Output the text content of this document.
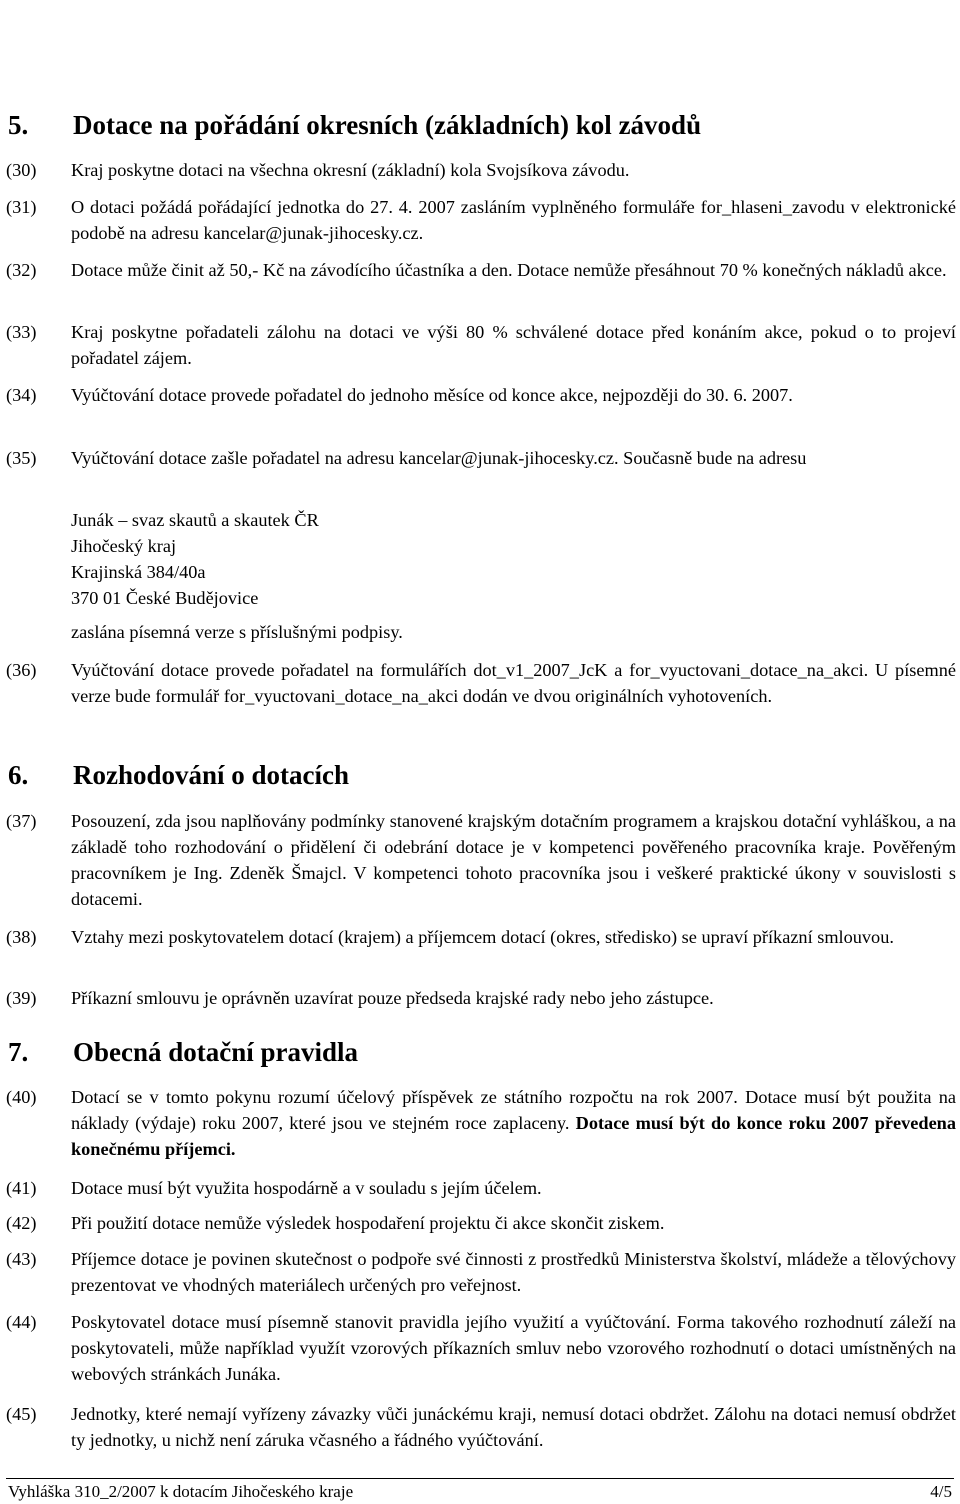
5. Dotace na pořádání okresních (základních) kol závodů
(30) Kraj poskytne dotaci na všechna okresní (základní) kola Svojsíkova závodu.
(31) O dotaci požádá pořádající jednotka do 27. 4. 2007 zasláním vyplněného formuláře for_hlaseni_zavodu v elektronické podobě na adresu kancelar@junak-jihocesky.cz.
(32) Dotace může činit až 50,- Kč na závodícího účastníka a den. Dotace nemůže přesáhnout 70 % konečných nákladů akce.
(33) Kraj poskytne pořadateli zálohu na dotaci ve výši 80 % schválené dotace před konáním akce, pokud o to projeví pořadatel zájem.
(34) Vyúčtování dotace provede pořadatel do jednoho měsíce od konce akce, nejpozději do 30. 6. 2007.
(35) Vyúčtování dotace zašle pořadatel na adresu kancelar@junak-jihocesky.cz. Současně bude na adresu
Junák – svaz skautů a skautek ČR
Jihočeský kraj
Krajinská 384/40a
370 01 České Budějovice
zaslána písemná verze s příslušnými podpisy.
(36) Vyúčtování dotace provede pořadatel na formulářích dot_v1_2007_JcK a for_vyuctovani_dotace_na_akci. U písemné verze bude formulář for_vyuctovani_dotace_na_akci dodán ve dvou originálních vyhotoveních.
6. Rozhodování o dotacích
(37) Posouzení, zda jsou naplňovány podmínky stanovené krajským dotačním programem a krajskou dotační vyhláškou, a na základě toho rozhodování o přidělení či odebrání dotace je v kompetenci pověřeného pracovníka kraje. Pověřeným pracovníkem je Ing. Zdeněk Šmajcl. V kompetenci tohoto pracovníka jsou i veškeré praktické úkony v souvislosti s dotacemi.
(38) Vztahy mezi poskytovatelem dotací (krajem) a příjemcem dotací (okres, středisko) se upraví příkazní smlouvou.
(39) Příkazní smlouvu je oprávněn uzavírat pouze předseda krajské rady nebo jeho zástupce.
7. Obecná dotační pravidla
(40) Dotací se v tomto pokynu rozumí účelový příspěvek ze státního rozpočtu na rok 2007. Dotace musí být použita na náklady (výdaje) roku 2007, které jsou ve stejném roce zaplaceny. Dotace musí být do konce roku 2007 převedena konečnému příjemci.
(41) Dotace musí být využita hospodárně a v souladu s jejím účelem.
(42) Při použití dotace nemůže výsledek hospodaření projektu či akce skončit ziskem.
(43) Příjemce dotace je povinen skutečnost o podpoře své činnosti z prostředků Ministerstva školství, mládeže a tělovýchovy prezentovat ve vhodných materiálech určených pro veřejnost.
(44) Poskytovatel dotace musí písemně stanovit pravidla jejího využití a vyúčtování. Forma takového rozhodnutí záleží na poskytovateli, může například využít vzorových příkazních smluv nebo vzorového rozhodnutí o dotaci umístněných na webových stránkách Junáka.
(45) Jednotky, které nemají vyřízeny závazky vůči junáckému kraji, nemusí dotaci obdržet. Zálohu na dotaci nemusí obdržet ty jednotky, u nichž není záruka včasného a řádného vyúčtování.
Vyhláška 310_2/2007 k dotacím Jihočeského kraje	4/5
